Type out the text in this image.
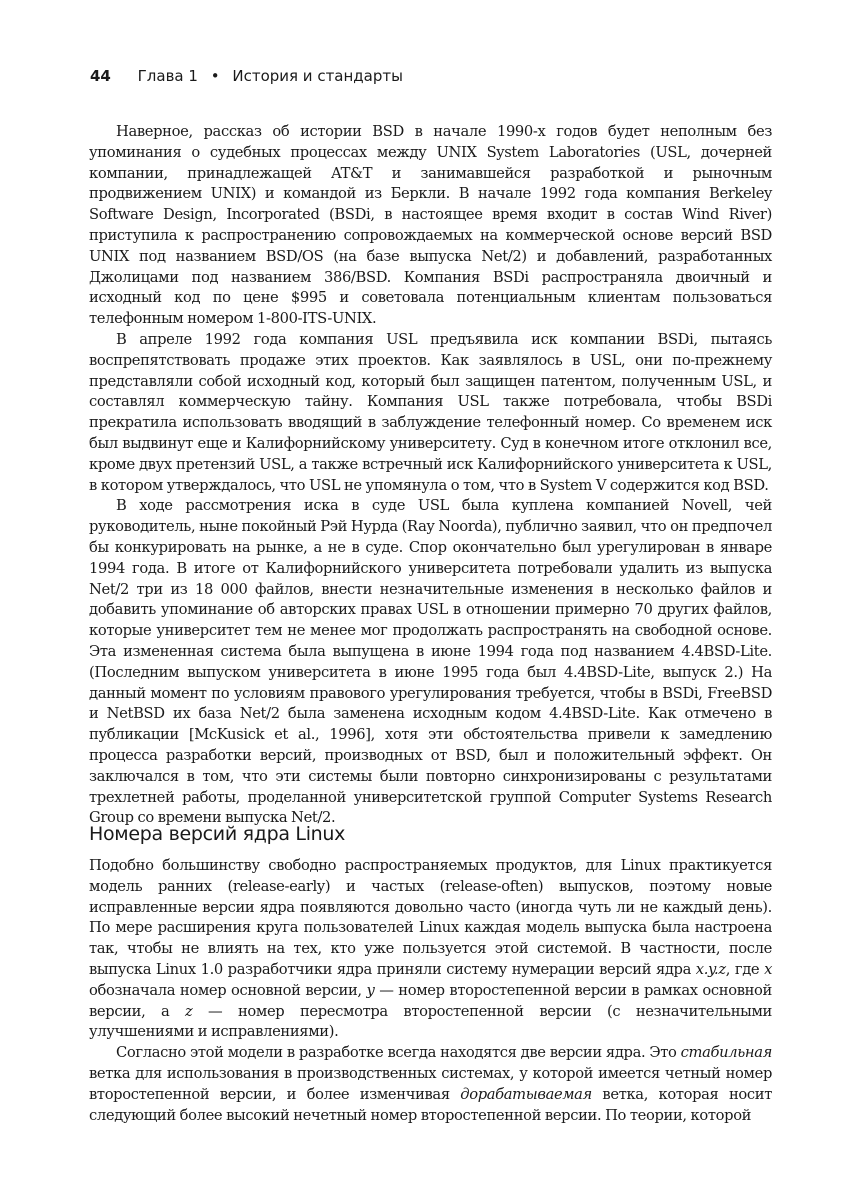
44 Глава 1 • История и стандарты

Наверное, рассказ об истории BSD в начале 1990-х годов будет неполным без упоминания о судебных процессах между UNIX System Laboratories (USL, дочерней компании, принадлежащей AT&T и занимавшейся разработкой и рыночным продвижением UNIX) и командой из Беркли. В начале 1992 года компания Berkeley Software Design, Incorporated (BSDi, в настоящее время входит в состав Wind River) приступила к распространению сопровождаемых на коммерческой основе версий BSD UNIX под названием BSD/OS (на базе выпуска Net/2) и добавлений, разработанных Джолицами под названием 386/BSD. Компания BSDi распространяла двоичный и исходный код по цене $995 и советовала потенциальным клиентам пользоваться телефонным номером 1-800-ITS-UNIX.

В апреле 1992 года компания USL предъявила иск компании BSDi, пытаясь воспрепятствовать продаже этих проектов. Как заявлялось в USL, они по-прежнему представляли собой исходный код, который был защищен патентом, полученным USL, и составлял коммерческую тайну. Компания USL также потребовала, чтобы BSDi прекратила использовать вводящий в заблуждение телефонный номер. Со временем иск был выдвинут еще и Калифорнийскому университету. Суд в конечном итоге отклонил все, кроме двух претензий USL, а также встречный иск Калифорнийского университета к USL, в котором утверждалось, что USL не упомянула о том, что в System V содержится код BSD.

В ходе рассмотрения иска в суде USL была куплена компанией Novell, чей руководитель, ныне покойный Рэй Нурда (Ray Noorda), публично заявил, что он предпочел бы конкурировать на рынке, а не в суде. Спор окончательно был урегулирован в январе 1994 года. В итоге от Калифорнийского университета потребовали удалить из выпуска Net/2 три из 18 000 файлов, внести незначительные изменения в несколько файлов и добавить упоминание об авторских правах USL в отношении примерно 70 других файлов, которые университет тем не менее мог продолжать распространять на свободной основе. Эта измененная система была выпущена в июне 1994 года под названием 4.4BSD-Lite. (Последним выпуском университета в июне 1995 года был 4.4BSD-Lite, выпуск 2.) На данный момент по условиям правового урегулирования требуется, чтобы в BSDi, FreeBSD и NetBSD их база Net/2 была заменена исходным кодом 4.4BSD-Lite. Как отмечено в публикации [McKusick et al., 1996], хотя эти обстоятельства привели к замедлению процесса разработки версий, производных от BSD, был и положительный эффект. Он заключался в том, что эти системы были повторно синхронизированы с результатами трехлетней работы, проделанной университетской группой Computer Systems Research Group со времени выпуска Net/2.

Номера версий ядра Linux

Подобно большинству свободно распространяемых продуктов, для Linux практикуется модель ранних (release-early) и частых (release-often) выпусков, поэтому новые исправленные версии ядра появляются довольно часто (иногда чуть ли не каждый день). По мере расширения круга пользователей Linux каждая модель выпуска была настроена так, чтобы не влиять на тех, кто уже пользуется этой системой. В частности, после выпуска Linux 1.0 разработчики ядра приняли систему нумерации версий ядра x.y.z, где x обозначала номер основной версии, y — номер второстепенной версии в рамках основной версии, а z — номер пересмотра второстепенной версии (с незначительными улучшениями и исправлениями).

Согласно этой модели в разработке всегда находятся две версии ядра. Это стабильная ветка для использования в производственных системах, у которой имеется четный номер второстепенной версии, и более изменчивая дорабатываемая ветка, которая носит следующий более высокий нечетный номер второстепенной версии. По теории, которой
